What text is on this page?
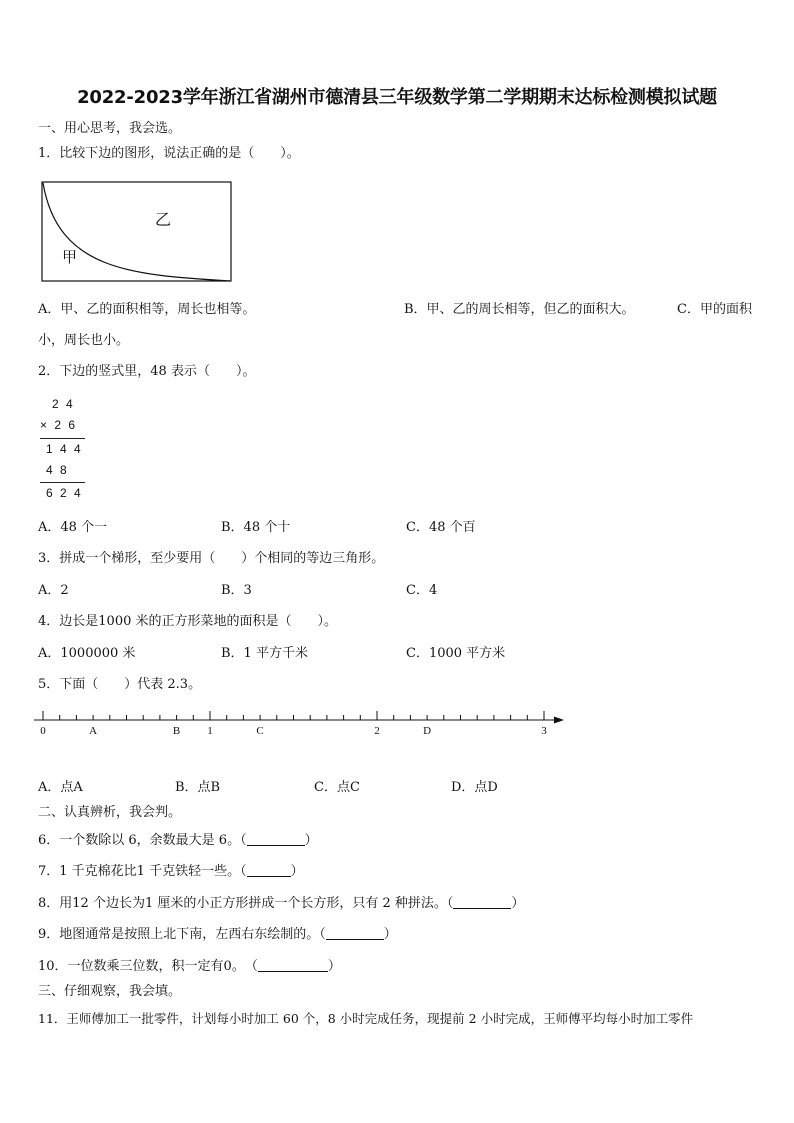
2022-2023学年浙江省湖州市德清县三年级数学第二学期期末达标检测模拟试题
一、用心思考，我会选。
1．比较下边的图形，说法正确的是（　　）。
乙
甲
A．甲、乙的面积相等，周长也相等。	B．甲、乙的周长相等，但乙的面积大。	C．甲的面积
小，周长也小。
2．下边的竖式里，48 表示（　　）。
2 4
× 2 6
1 4 4
4 8
6 2 4
A．48 个一	B．48 个十	C．48 个百
3．拼成一个梯形，至少要用（　　）个相同的等边三角形。
A．2	B．3	C．4
4．边长是1000 米的正方形菜地的面积是（　　）。
A．1000000 米	B．1 平方千米	C．1000 平方米
5．下面（　　）代表 2.3。
0	A	B 1	C	2	D	3
A．点A	B．点B	C．点C	D．点D
二、认真辨析，我会判。
6．一个数除以 6，余数最大是 6。（	）
7．1 千克棉花比1 千克铁轻一些。（	）
8．用12 个边长为1 厘米的小正方形拼成一个长方形，只有 2 种拼法。（	）
9．地图通常是按照上北下南，左西右东绘制的。（	）
10．一位数乘三位数，积一定有0。　（	）
三、仔细观察，我会填。
11．王师傅加工一批零件，计划每小时加工 60 个，8 小时完成任务，现提前 2 小时完成，王师傅平均每小时加工零件
